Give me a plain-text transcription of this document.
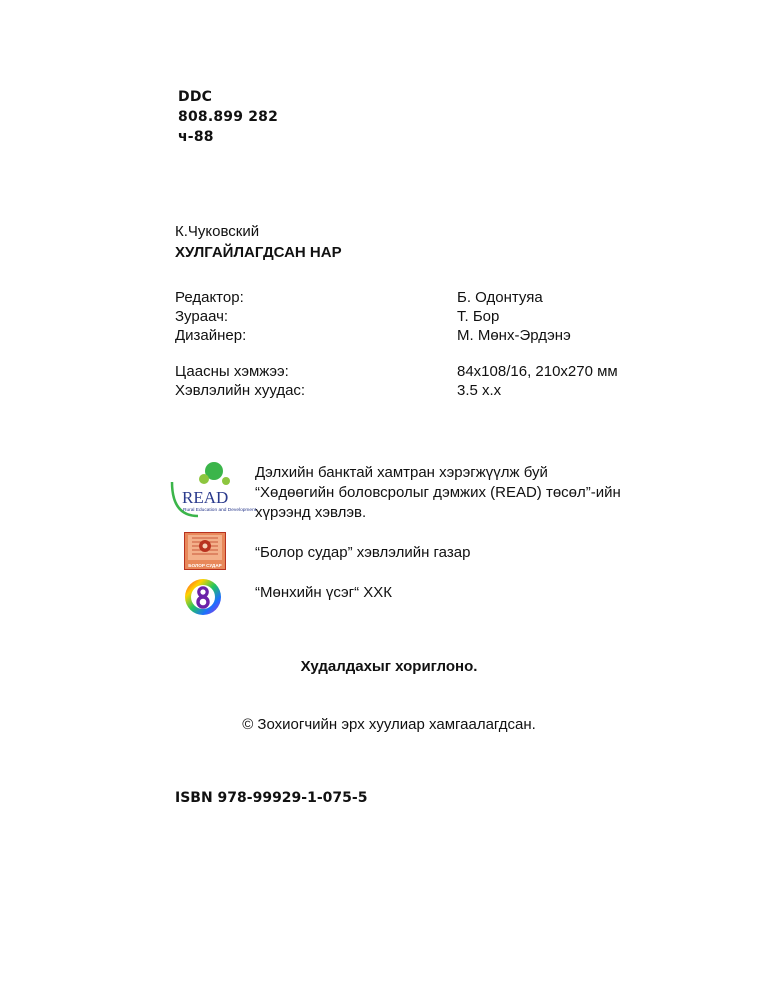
DDC
808.899 282
ч-88
К.Чуковский
ХУЛГАЙЛАГДСАН НАР
Редактор:	Б. Одонтуяа
Зураач:	Т. Бор
Дизайнер:	М. Мөнх-Эрдэнэ
Цаасны хэмжээ:	84x108/16, 210x270 мм
Хэвлэлийн хуудас:	3.5 х.х
READ
Rural Education and Development
Дэлхийн банктай хамтран хэрэгжүүлж буй
“Хөдөөгийн боловсролыг дэмжих (READ) төсөл”-ийн
хүрээнд хэвлэв.
БОЛОР СУДАР
“Болор судар” хэвлэлийн газар
“Мөнхийн үсэг“ ХХК
Худалдахыг хориглоно.
© Зохиогчийн эрх хуулиар хамгаалагдсан.
ISBN 978-99929-1-075-5
